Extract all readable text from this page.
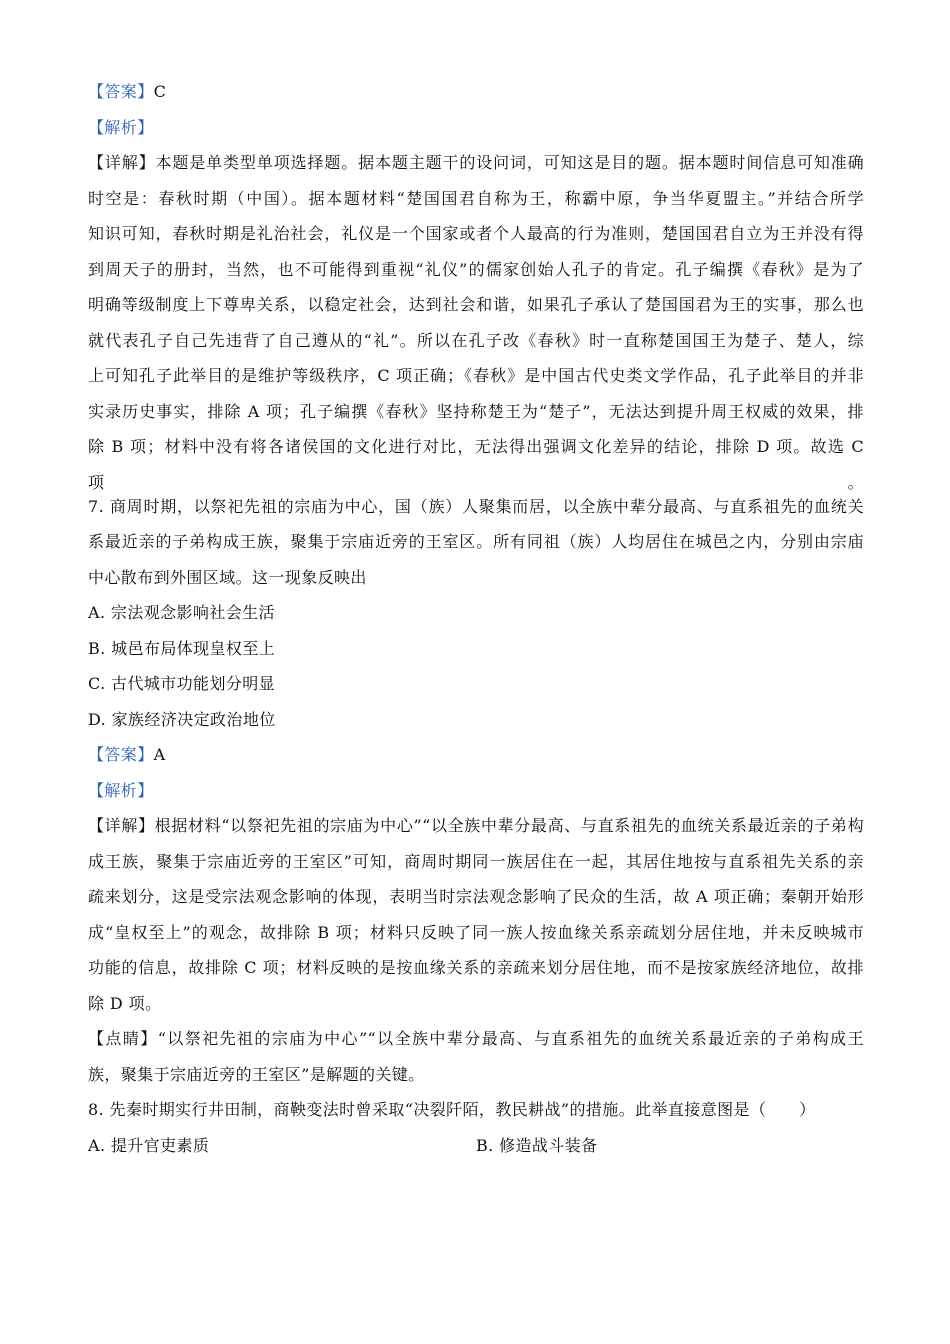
【答案】C
【解析】
【详解】本题是单类型单项选择题。据本题主题干的设问词，可知这是目的题。据本题时间信息可知准确
时空是：春秋时期（中国）。据本题材料“楚国国君自称为王，称霸中原，争当华夏盟主。”并结合所学
知识可知，春秋时期是礼治社会，礼仪是一个国家或者个人最高的行为准则，楚国国君自立为王并没有得
到周天子的册封，当然，也不可能得到重视“礼仪”的儒家创始人孔子的肯定。孔子编撰《春秋》是为了
明确等级制度上下尊卑关系，以稳定社会，达到社会和谐，如果孔子承认了楚国国君为王的实事，那么也
就代表孔子自己先违背了自己遵从的“礼”。所以在孔子改《春秋》时一直称楚国国王为楚子、楚人，综
上可知孔子此举目的是维护等级秩序，C 项正确；《春秋》是中国古代史类文学作品，孔子此举目的并非
实录历史事实，排除 A 项；孔子编撰《春秋》坚持称楚王为“楚子”，无法达到提升周王权威的效果，排
除 B 项；材料中没有将各诸侯国的文化进行对比，无法得出强调文化差异的结论，排除 D 项。故选 C 项。
7. 商周时期，以祭祀先祖的宗庙为中心，国（族）人聚集而居，以全族中辈分最高、与直系祖先的血统关
系最近亲的子弟构成王族，聚集于宗庙近旁的王室区。所有同祖（族）人均居住在城邑之内，分别由宗庙
中心散布到外围区域。这一现象反映出
A. 宗法观念影响社会生活
B. 城邑布局体现皇权至上
C. 古代城市功能划分明显
D. 家族经济决定政治地位
【答案】A
【解析】
【详解】根据材料“以祭祀先祖的宗庙为中心”“以全族中辈分最高、与直系祖先的血统关系最近亲的子弟构
成王族，聚集于宗庙近旁的王室区”可知，商周时期同一族居住在一起，其居住地按与直系祖先关系的亲
疏来划分，这是受宗法观念影响的体现，表明当时宗法观念影响了民众的生活，故 A 项正确；秦朝开始形
成“皇权至上”的观念，故排除 B 项；材料只反映了同一族人按血缘关系亲疏划分居住地，并未反映城市
功能的信息，故排除 C 项；材料反映的是按血缘关系的亲疏来划分居住地，而不是按家族经济地位，故排
除 D 项。
【点睛】“以祭祀先祖的宗庙为中心”“以全族中辈分最高、与直系祖先的血统关系最近亲的子弟构成王
族，聚集于宗庙近旁的王室区”是解题的关键。
8. 先秦时期实行井田制，商鞅变法时曾采取“决裂阡陌，教民耕战”的措施。此举直接意图是（　　）
A. 提升官吏素质	B. 修造战斗装备
